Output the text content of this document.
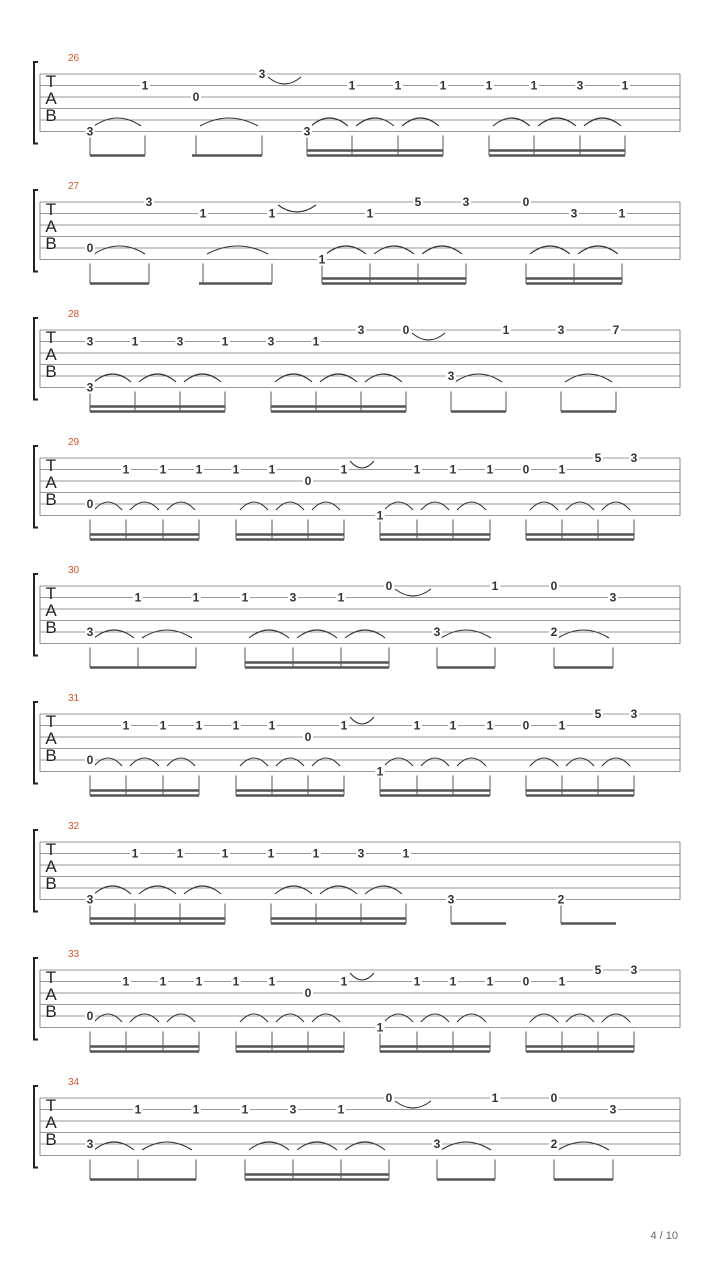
T
A
B
26
3
1
0
3
3
1	1	1	1	1	3	1
T
A
B
27
0
3
1	1
1
1
5	3	0
3	1
T
A
B
28
3
3	1	3	1	3	1
3	0
3
1	3	7
T
A
B
29
0
1	1 1	1 1
0
1
1
1 1	1 0 1
5 3
T
A
B
30
3
1	1	1	3	1
0
3
1
2
0
3
T
A
B
31
0
1	1 1	1 1
0
1
1
1 1	1 0 1
5 3
T
A
B
32
3
1	1	1	1	1	3	1
3	2
T
A
B
33
0
1	1 1	1 1
0
1
1
1 1	1 0 1
5 3
T
A
B
34
3
1	1	1	3	1
0
3
1
2
0
3
4 / 10
